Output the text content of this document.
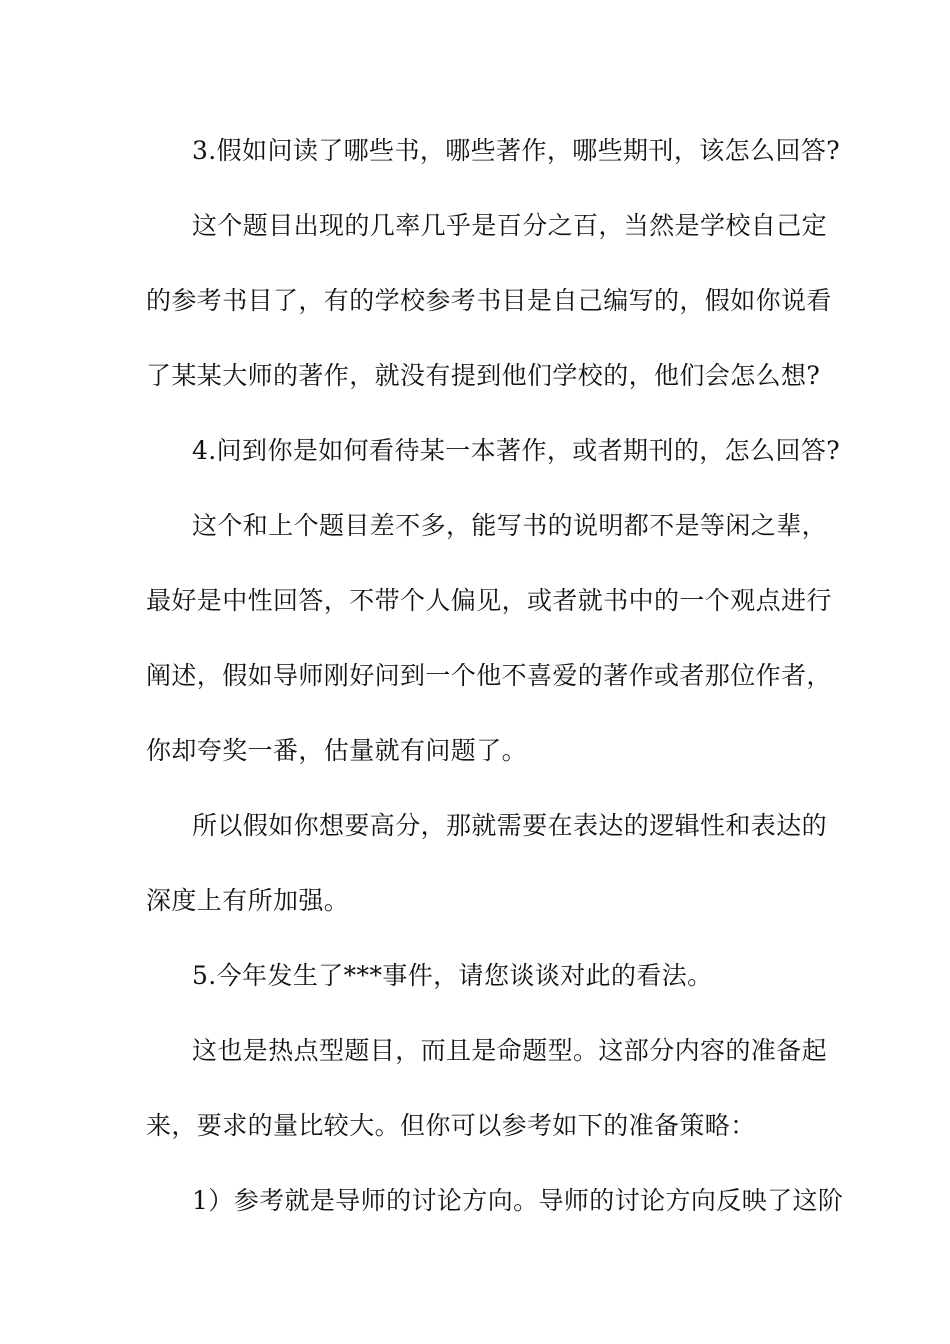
3.假如问读了哪些书，哪些著作，哪些期刊，该怎么回答?
这个题目出现的几率几乎是百分之百，当然是学校自己定
的参考书目了，有的学校参考书目是自己编写的，假如你说看
了某某大师的著作，就没有提到他们学校的，他们会怎么想?
4.问到你是如何看待某一本著作，或者期刊的，怎么回答?
这个和上个题目差不多，能写书的说明都不是等闲之辈，
最好是中性回答，不带个人偏见，或者就书中的一个观点进行
阐述，假如导师刚好问到一个他不喜爱的著作或者那位作者，
你却夸奖一番，估量就有问题了。
所以假如你想要高分，那就需要在表达的逻辑性和表达的
深度上有所加强。
5.今年发生了***事件，请您谈谈对此的看法。
这也是热点型题目，而且是命题型。这部分内容的准备起
来，要求的量比较大。但你可以参考如下的准备策略：
1）参考就是导师的讨论方向。导师的讨论方向反映了这阶
